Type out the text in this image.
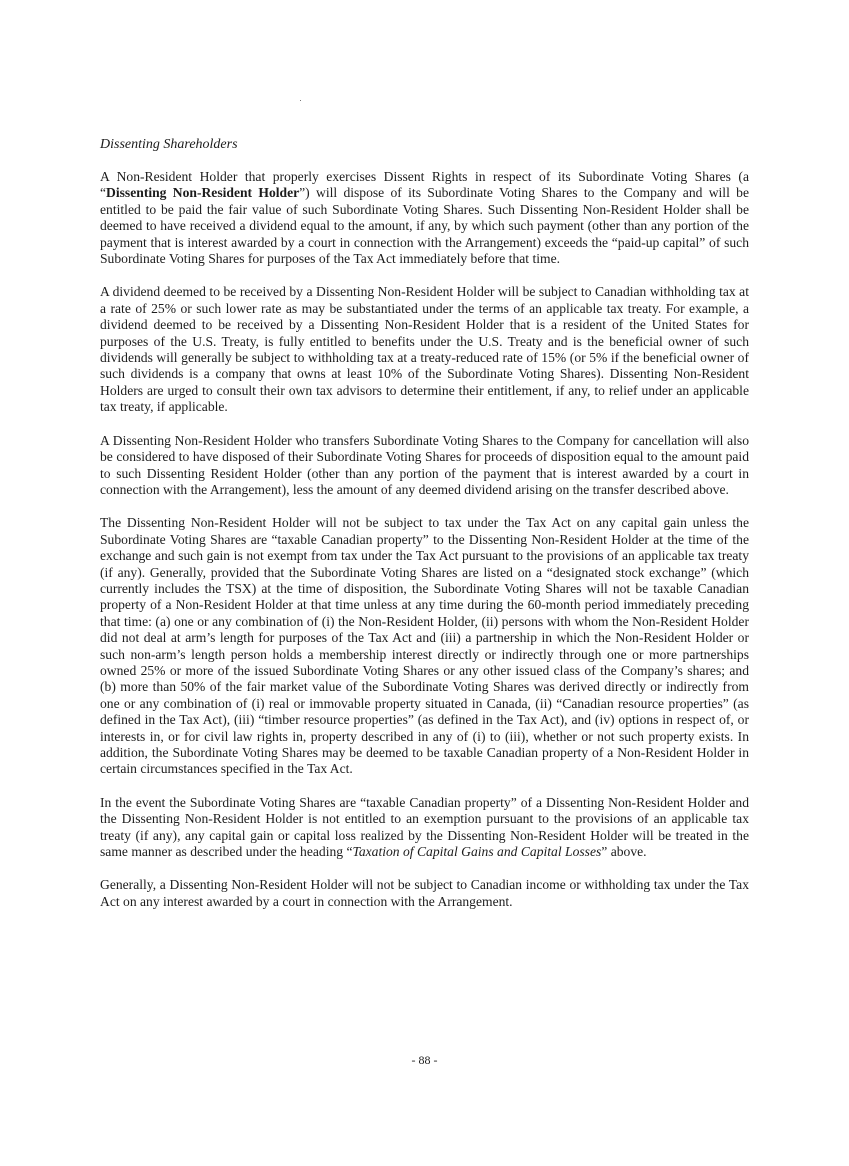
Dissenting Shareholders

A Non-Resident Holder that properly exercises Dissent Rights in respect of its Subordinate Voting Shares (a “Dissenting Non-Resident Holder”) will dispose of its Subordinate Voting Shares to the Company and will be entitled to be paid the fair value of such Subordinate Voting Shares. Such Dissenting Non-Resident Holder shall be deemed to have received a dividend equal to the amount, if any, by which such payment (other than any portion of the payment that is interest awarded by a court in connection with the Arrangement) exceeds the “paid-up capital” of such Subordinate Voting Shares for purposes of the Tax Act immediately before that time.

A dividend deemed to be received by a Dissenting Non-Resident Holder will be subject to Canadian withholding tax at a rate of 25% or such lower rate as may be substantiated under the terms of an applicable tax treaty. For example, a dividend deemed to be received by a Dissenting Non-Resident Holder that is a resident of the United States for purposes of the U.S. Treaty, is fully entitled to benefits under the U.S. Treaty and is the beneficial owner of such dividends will generally be subject to withholding tax at a treaty-reduced rate of 15% (or 5% if the beneficial owner of such dividends is a company that owns at least 10% of the Subordinate Voting Shares). Dissenting Non-Resident Holders are urged to consult their own tax advisors to determine their entitlement, if any, to relief under an applicable tax treaty, if applicable.

A Dissenting Non-Resident Holder who transfers Subordinate Voting Shares to the Company for cancellation will also be considered to have disposed of their Subordinate Voting Shares for proceeds of disposition equal to the amount paid to such Dissenting Resident Holder (other than any portion of the payment that is interest awarded by a court in connection with the Arrangement), less the amount of any deemed dividend arising on the transfer described above.

The Dissenting Non-Resident Holder will not be subject to tax under the Tax Act on any capital gain unless the Subordinate Voting Shares are “taxable Canadian property” to the Dissenting Non-Resident Holder at the time of the exchange and such gain is not exempt from tax under the Tax Act pursuant to the provisions of an applicable tax treaty (if any). Generally, provided that the Subordinate Voting Shares are listed on a “designated stock exchange” (which currently includes the TSX) at the time of disposition, the Subordinate Voting Shares will not be taxable Canadian property of a Non-Resident Holder at that time unless at any time during the 60-month period immediately preceding that time: (a) one or any combination of (i) the Non-Resident Holder, (ii) persons with whom the Non-Resident Holder did not deal at arm’s length for purposes of the Tax Act and (iii) a partnership in which the Non-Resident Holder or such non-arm’s length person holds a membership interest directly or indirectly through one or more partnerships owned 25% or more of the issued Subordinate Voting Shares or any other issued class of the Company’s shares; and (b) more than 50% of the fair market value of the Subordinate Voting Shares was derived directly or indirectly from one or any combination of (i) real or immovable property situated in Canada, (ii) “Canadian resource properties” (as defined in the Tax Act), (iii) “timber resource properties” (as defined in the Tax Act), and (iv) options in respect of, or interests in, or for civil law rights in, property described in any of (i) to (iii), whether or not such property exists. In addition, the Subordinate Voting Shares may be deemed to be taxable Canadian property of a Non-Resident Holder in certain circumstances specified in the Tax Act.

In the event the Subordinate Voting Shares are “taxable Canadian property” of a Dissenting Non-Resident Holder and the Dissenting Non-Resident Holder is not entitled to an exemption pursuant to the provisions of an applicable tax treaty (if any), any capital gain or capital loss realized by the Dissenting Non-Resident Holder will be treated in the same manner as described under the heading “Taxation of Capital Gains and Capital Losses” above.

Generally, a Dissenting Non-Resident Holder will not be subject to Canadian income or withholding tax under the Tax Act on any interest awarded by a court in connection with the Arrangement.

- 88 -
